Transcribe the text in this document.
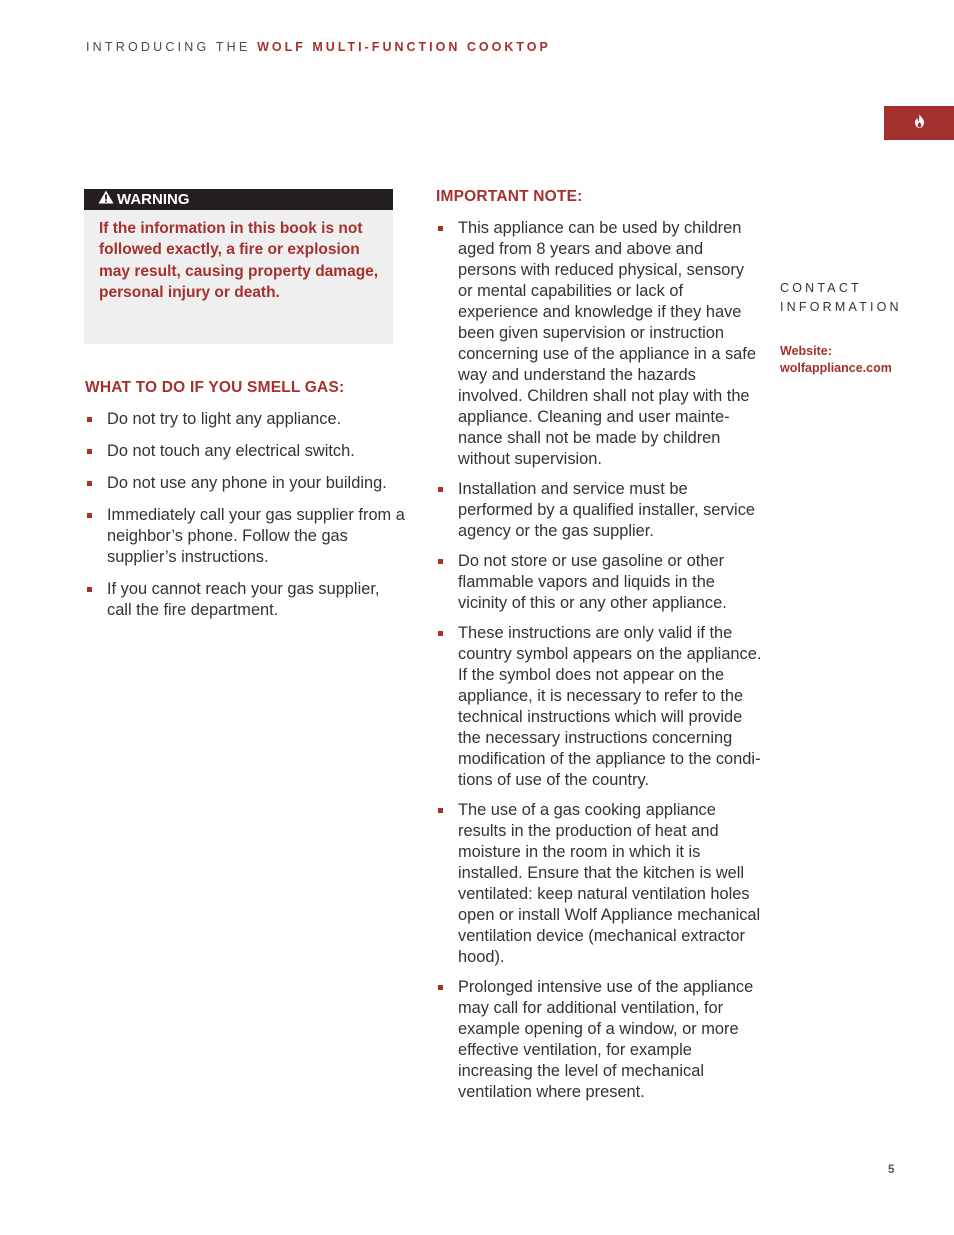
INTRODUCING THE WOLF MULTI-FUNCTION COOKTOP
WARNING
If the information in this book is not followed exactly, a fire or explosion may result, causing property damage, personal injury or death.
WHAT TO DO IF YOU SMELL GAS:
Do not try to light any appliance.
Do not touch any electrical switch.
Do not use any phone in your building.
Immediately call your gas supplier from a neighbor’s phone. Follow the gas supplier’s instructions.
If you cannot reach your gas supplier, call the fire department.
IMPORTANT NOTE:
This appliance can be used by children aged from 8 years and above and persons with reduced physical, sensory or mental capabilities or lack of experience and knowledge if they have been given supervision or instruction concerning use of the appliance in a safe way and understand the hazards involved. Children shall not play with the appliance. Cleaning and user maintenance shall not be made by children without supervision.
Installation and service must be performed by a qualified installer, service agency or the gas supplier.
Do not store or use gasoline or other flammable vapors and liquids in the vicinity of this or any other appliance.
These instructions are only valid if the country symbol appears on the appliance. If the symbol does not appear on the appliance, it is necessary to refer to the technical instructions which will provide the necessary instructions concerning modification of the appliance to the conditions of use of the country.
The use of a gas cooking appliance results in the production of heat and moisture in the room in which it is installed. Ensure that the kitchen is well ventilated: keep natural ventilation holes open or install Wolf Appliance mechanical ventilation device (mechanical extractor hood).
Prolonged intensive use of the appliance may call for additional ventilation, for example opening of a window, or more effective ventilation, for example increasing the level of mechanical ventilation where present.
CONTACT
INFORMATION
Website:
wolfappliance.com
5
